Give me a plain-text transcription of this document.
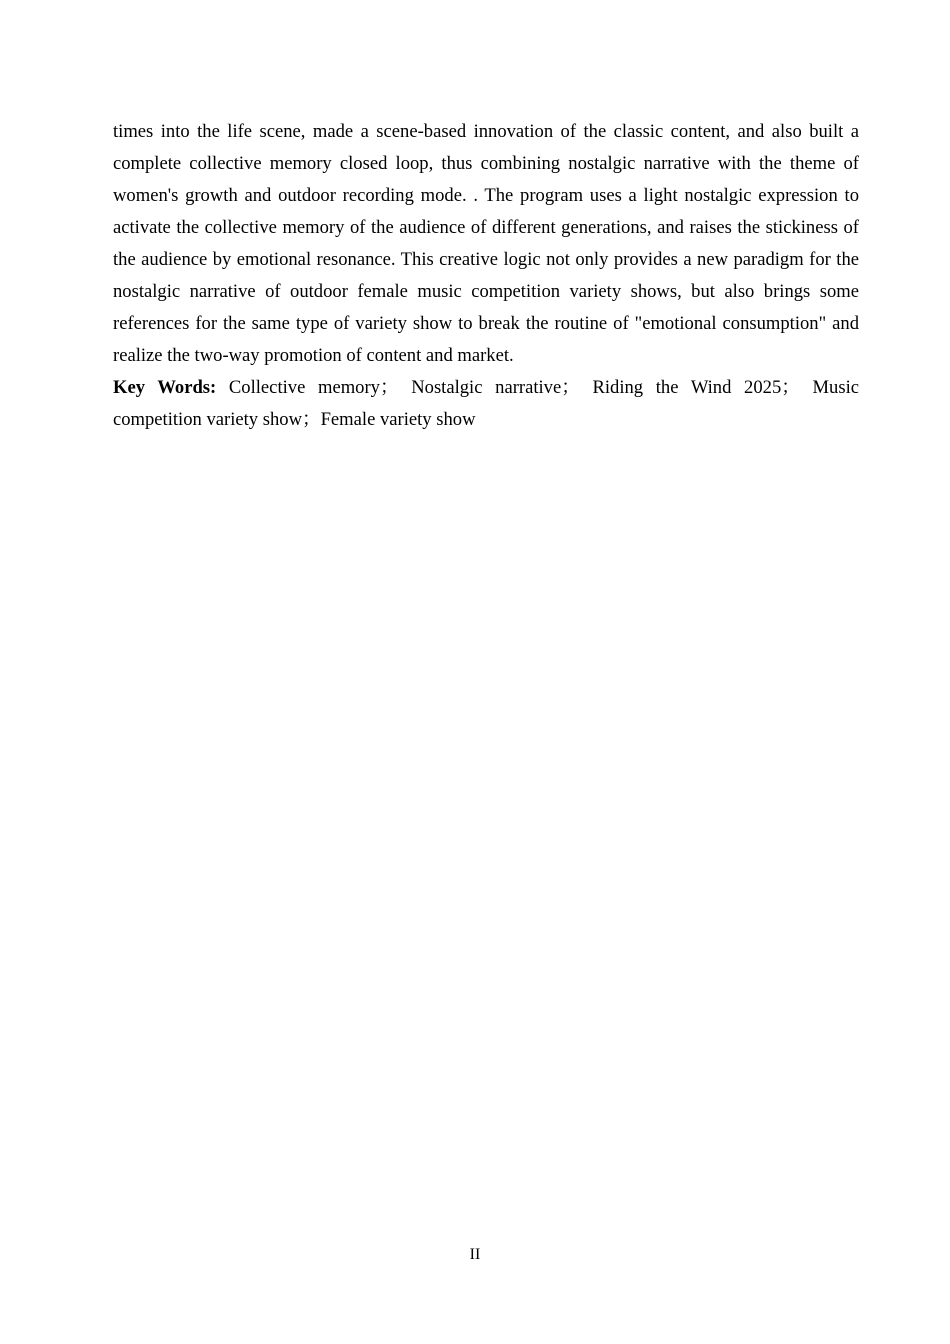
times into the life scene, made a scene-based innovation of the classic content, and also built a complete collective memory closed loop, thus combining nostalgic narrative with the theme of women's growth and outdoor recording mode. . The program uses a light nostalgic expression to activate the collective memory of the audience of different generations, and raises the stickiness of the audience by emotional resonance. This creative logic not only provides a new paradigm for the nostalgic narrative of outdoor female music competition variety shows, but also brings some references for the same type of variety show to break the routine of "emotional consumption" and realize the two-way promotion of content and market.

Key Words: Collective memory； Nostalgic narrative； Riding the Wind 2025； Music competition variety show；Female variety show

II
